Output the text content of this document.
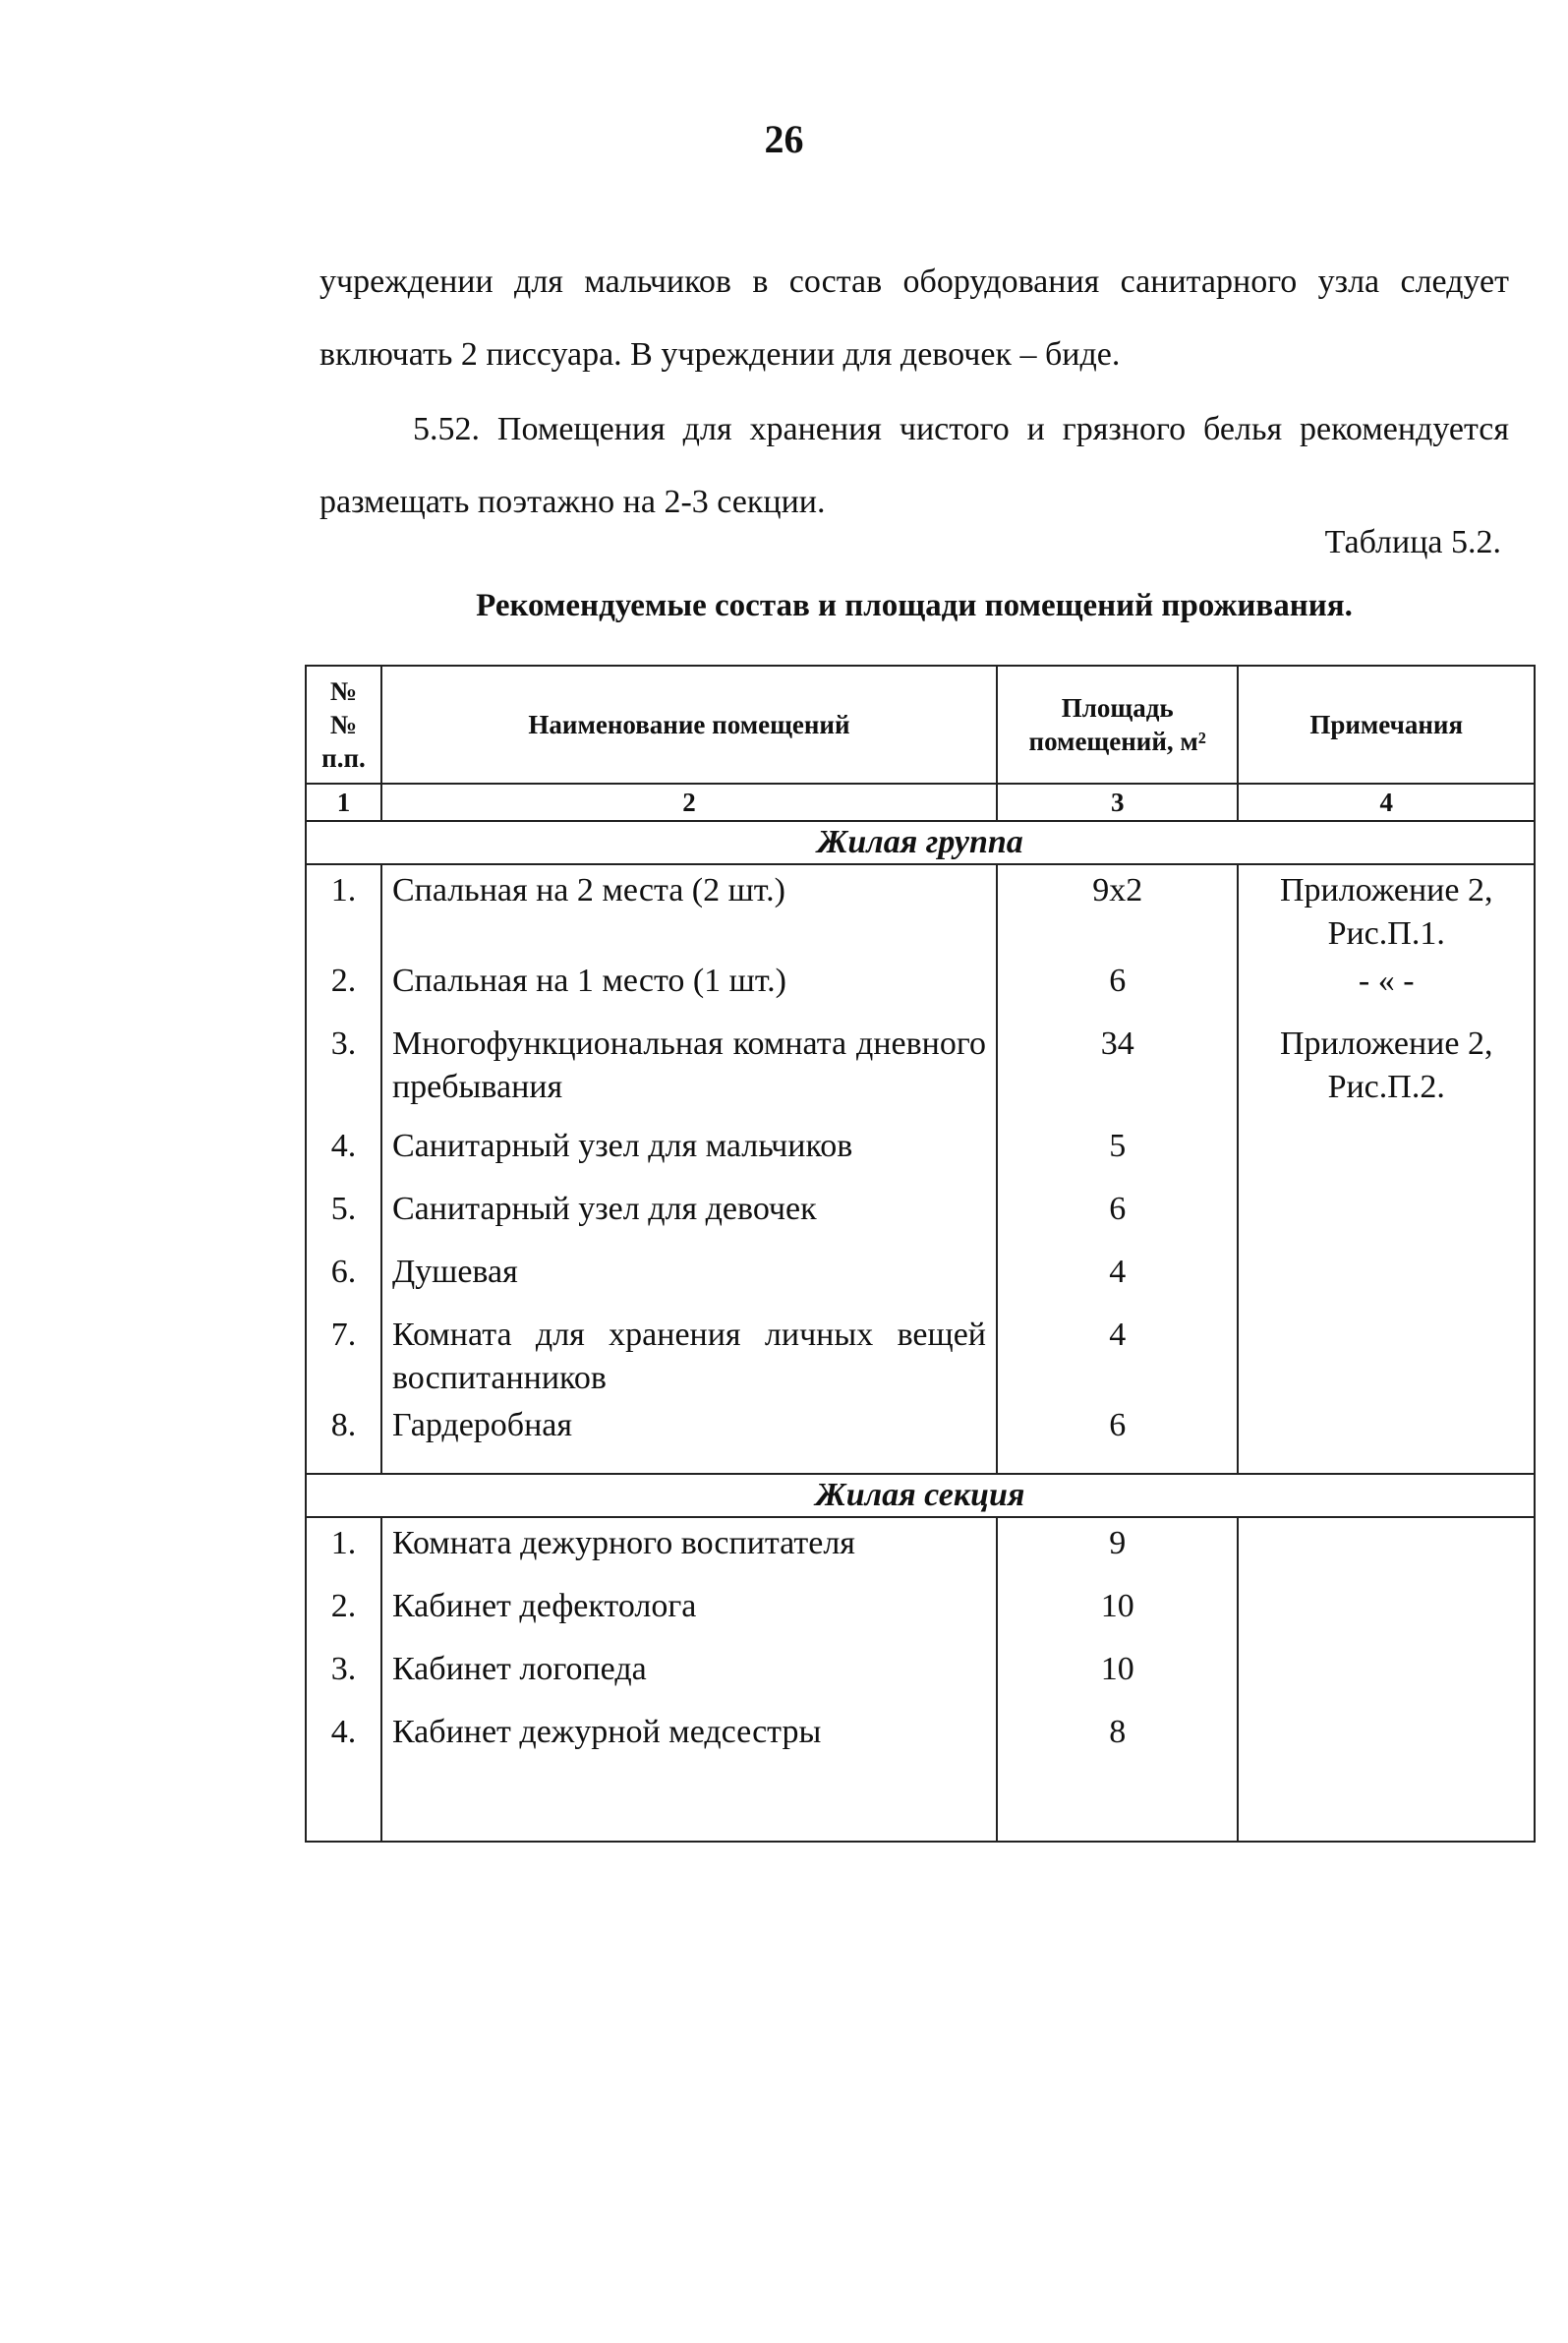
26

учреждении для мальчиков в состав оборудования санитарного узла следует включать 2 писсуара. В учреждении для девочек – биде.

5.52. Помещения для хранения чистого и грязного белья рекомендуется размещать поэтажно на 2-3 секции.

Таблица 5.2.
Рекомендуемые состав и площади помещений проживания.
№ № п.п.	Наименование помещений	Площадь помещений, м²	Примечания
1	2	3	4
Жилая группа			
1.	Спальная на 2 места (2 шт.)	9х2	Приложение 2, Рис.П.1.
2.	Спальная на 1 место (1 шт.)	6	- « -
3.	Многофункциональная комната дневного пребывания	34	Приложение 2, Рис.П.2.
4.	Санитарный узел для мальчиков	5	
5.	Санитарный узел для девочек	6	
6.	Душевая	4	
7.	Комната для хранения личных вещей воспитанников	4	
8.	Гардеробная	6	
Жилая секция			
1.	Комната дежурного воспитателя	9	
2.	Кабинет дефектолога	10	
3.	Кабинет логопеда	10	
4.	Кабинет дежурной медсестры	8	
